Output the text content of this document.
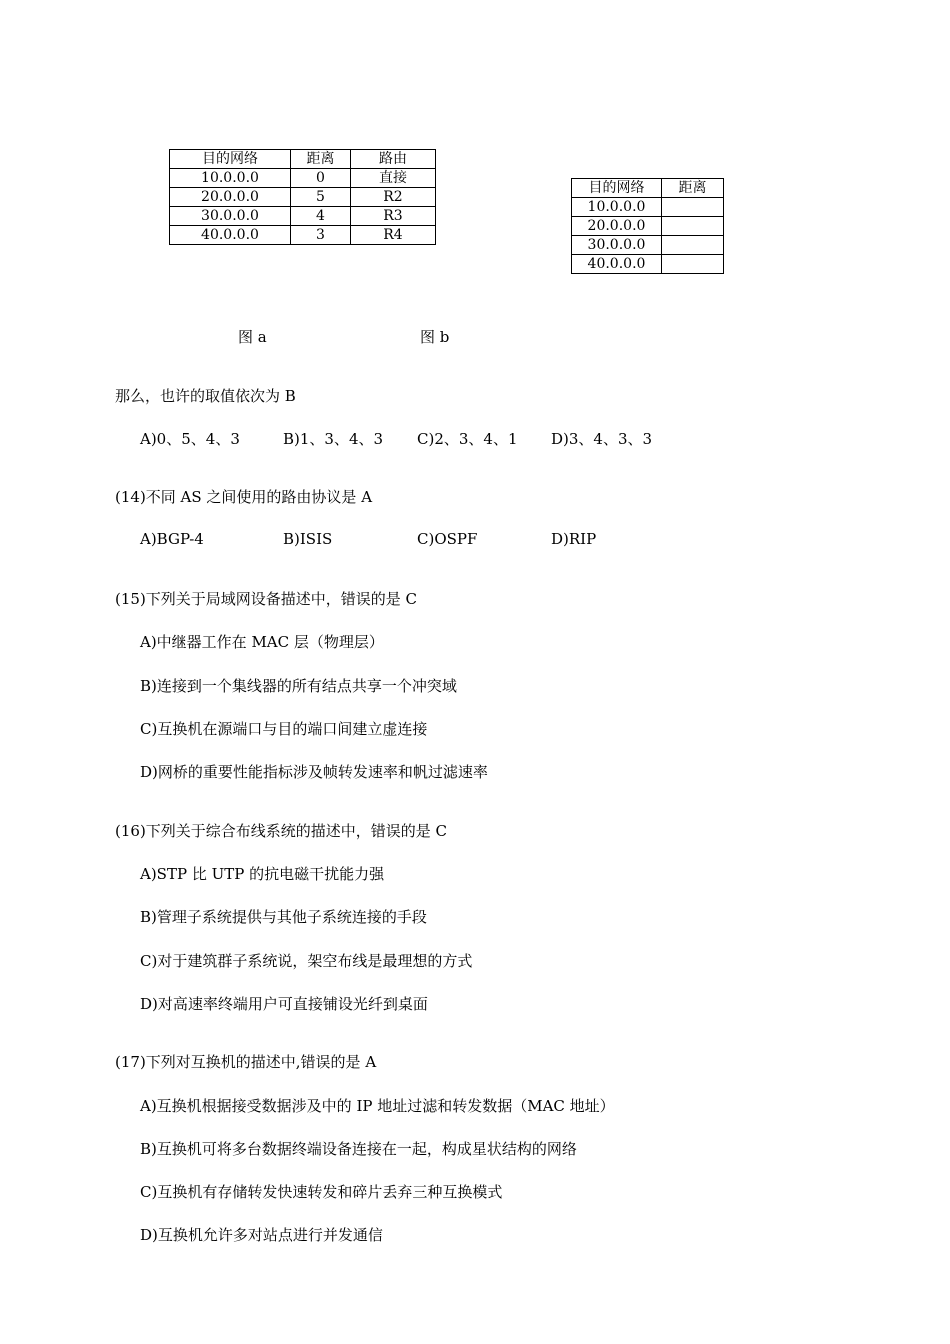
目的网络	距离	路由
10.0.0.0	0	直接
20.0.0.0	5	R2
30.0.0.0	4	R3
40.0.0.0	3	R4
目的网络	距离
10.0.0.0	
20.0.0.0	
30.0.0.0	
40.0.0.0	
图 a	图 b
那么，也许的取值依次为 B
A)0、5、4、3	B)1、3、4、3 C)2、3、4、1 D)3、4、3、3
(14)不同 AS 之间使用的路由协议是 A
A)BGP-4	B)ISIS	C)OSPF	D)RIP
(15)下列关于局域网设备描述中，错误的是 C
A)中继器工作在 MAC 层（物理层）
B)连接到一个集线器的所有结点共享一个冲突域
C)互换机在源端口与目的端口间建立虚连接
D)网桥的重要性能指标涉及帧转发速率和帆过滤速率
(16)下列关于综合布线系统的描述中，错误的是 C
A)STP 比 UTP 的抗电磁干扰能力强
B)管理子系统提供与其他子系统连接的手段
C)对于建筑群子系统说，架空布线是最理想的方式
D)对高速率终端用户可直接铺设光纤到桌面
(17)下列对互换机的描述中,错误的是 A
A)互换机根据接受数据涉及中的 IP 地址过滤和转发数据（MAC 地址）
B)互换机可将多台数据终端设备连接在一起，构成星状结构的网络
C)互换机有存储转发快速转发和碎片丢弃三种互换模式
D)互换机允许多对站点进行并发通信
